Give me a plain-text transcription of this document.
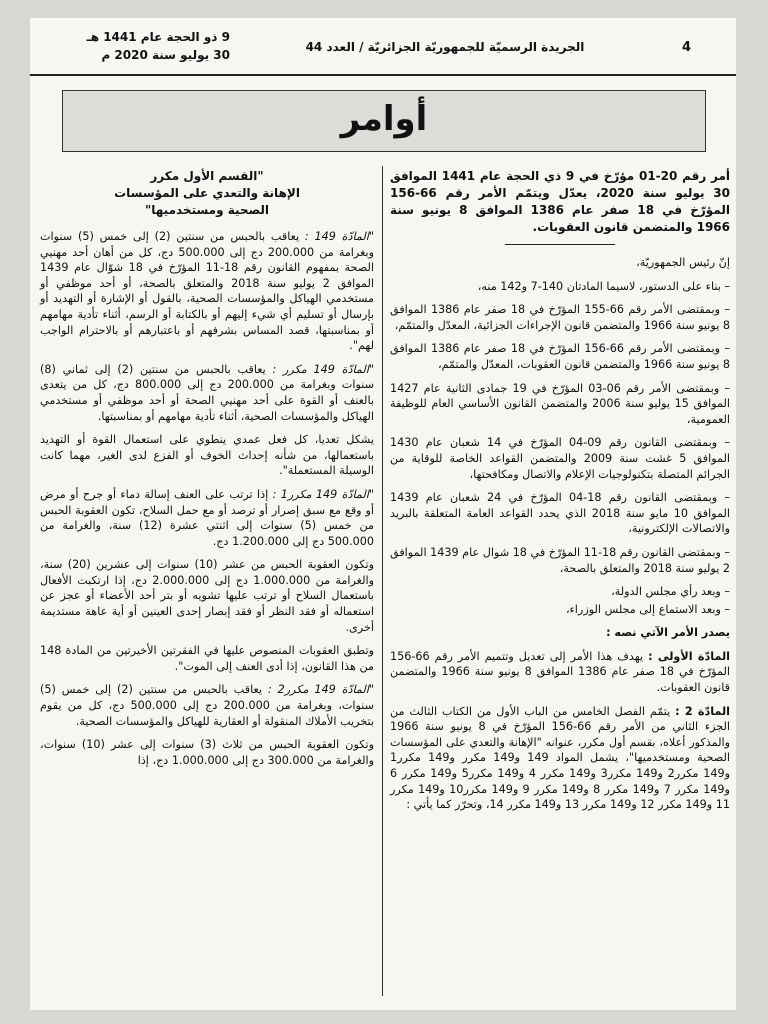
4
الجريدة الرسميّة للجمهوريّة الجزائريّة / العدد 44
9 ذو الحجة عام 1441 هـ
30 يوليو سنة 2020 م
أوامر

أمر رقم 20-01 مؤرّخ في 9 ذي الحجة عام 1441 الموافق 30 يوليو سنة 2020، يعدّل ويتمّم الأمر رقم 66-156 المؤرّخ في 18 صفر عام 1386 الموافق 8 يونيو سنة 1966 والمتضمن قانون العقوبات.

إنّ رئيس الجمهوريّة،

– بناء على الدستور، لاسيما المادتان 140-7 و142 منه،

– وبمقتضى الأمر رقم 66-155 المؤرّخ في 18 صفر عام 1386 الموافق 8 يونيو سنة 1966 والمتضمن قانون الإجراءات الجزائية، المعدّل والمتمّم،

– وبمقتضى الأمر رقم 66-156 المؤرّخ في 18 صفر عام 1386 الموافق 8 يونيو سنة 1966 والمتضمن قانون العقوبات، المعدّل والمتمّم،

– وبمقتضى الأمر رقم 06-03 المؤرّخ في 19 جمادى الثانية عام 1427 الموافق 15 يوليو سنة 2006 والمتضمن القانون الأساسي العام للوظيفة العمومية،

– وبمقتضى القانون رقم 09-04 المؤرّخ في 14 شعبان عام 1430 الموافق 5 غشت سنة 2009 والمتضمن القواعد الخاصة للوقاية من الجرائم المتصلة بتكنولوجيات الإعلام والاتصال ومكافحتها،

– وبمقتضى القانون رقم 18-04 المؤرّخ في 24 شعبان عام 1439 الموافق 10 مايو سنة 2018 الذي يحدد القواعد العامة المتعلقة بالبريد والاتصالات الإلكترونية،

– وبمقتضى القانون رقم 18-11 المؤرّخ في 18 شوال عام 1439 الموافق 2 يوليو سنة 2018 والمتعلق بالصحة،

– وبعد رأي مجلس الدولة،

– وبعد الاستماع إلى مجلس الوزراء،

يصدر الأمر الآتي نصه :

المادّة الأولى : يهدف هذا الأمر إلى تعديل وتتميم الأمر رقم 66-156 المؤرّخ في 18 صفر عام 1386 الموافق 8 يونيو سنة 1966 والمتضمن قانون العقوبات.

المادّة 2 : يتمّم الفصل الخامس من الباب الأول من الكتاب الثالث من الجزء الثاني من الأمر رقم 66-156 المؤرّخ في 8 يونيو سنة 1966 والمذكور أعلاه، بقسم أول مكرر، عنوانه "الإهانة والتعدي على المؤسسات الصحية ومستخدميها"، يشمل المواد 149 و149 مكرر و149 مكرر1 و149 مكرر2 و149 مكرر3 و149 مكرر 4 و149 مكرر5 و149 مكرر 6 و149 مكرر 7 و149 مكرر 8 و149 مكرر 9 و149 مكرر10 و149 مكرر 11 و149 مكرر 12 و149 مكرر 13 و149 مكرر 14، وتحرّر كما يأتي :

"القسم الأول مكرر
الإهانة والتعدي على المؤسسات
الصحية ومستخدميها"

"المادّة 149 : يعاقب بالحبس من سنتين (2) إلى خمس (5) سنوات وبغرامة من 200.000 دج إلى 500.000 دج، كل من أهان أحد مهنيي الصحة بمفهوم القانون رقم 18-11 المؤرّخ في 18 شوّال عام 1439 الموافق 2 يوليو سنة 2018 والمتعلق بالصحة، أو أحد موظفي أو مستخدمي الهياكل والمؤسسات الصحية، بالقول أو الإشارة أو التهديد أو بإرسال أو تسليم أي شيء إليهم أو بالكتابة أو الرسم، أثناء تأدية مهامهم أو بمناسبتها، قصد المساس بشرفهم أو باعتبارهم أو بالاحترام الواجب لهم".

"المادّة 149 مكرر : يعاقب بالحبس من سنتين (2) إلى ثماني (8) سنوات وبغرامة من 200.000 دج إلى 800.000 دج، كل من يتعدى بالعنف أو القوة على أحد مهنيي الصحة أو أحد موظفي أو مستخدمي الهياكل والمؤسسات الصحية، أثناء تأدية مهامهم أو بمناسبتها.

يشكل تعديا، كل فعل عمدي ينطوي على استعمال القوة أو التهديد باستعمالها، من شأنه إحداث الخوف أو الفزع لدى الغير، مهما كانت الوسيلة المستعملة".

"المادّة 149 مكرر1 : إذا ترتب على العنف إسالة دماء أو جرح أو مرض أو وقع مع سبق إصرار أو ترصد أو مع حمل السلاح، تكون العقوبة الحبس من خمس (5) سنوات إلى اثنتي عشرة (12) سنة، والغرامة من 500.000 دج إلى 1.200.000 دج.

وتكون العقوبة الحبس من عشر (10) سنوات إلى عشرين (20) سنة، والغرامة من 1.000.000 دج إلى 2.000.000 دج، إذا ارتكبت الأفعال باستعمال السلاح أو ترتب عليها تشويه أو بتر أحد الأعضاء أو عجز عن استعماله أو فقد النظر أو فقد إبصار إحدى العينين أو أية عاهة مستديمة أخرى.

وتطبق العقوبات المنصوص عليها في الفقرتين الأخيرتين من المادة 148 من هذا القانون، إذا أدى العنف إلى الموت".

"المادّة 149 مكرر2 : يعاقب بالحبس من سنتين (2) إلى خمس (5) سنوات، وبغرامة من 200.000 دج إلى 500.000 دج، كل من يقوم بتخريب الأملاك المنقولة أو العقارية للهياكل والمؤسسات الصحية.

وتكون العقوبة الحبس من ثلاث (3) سنوات إلى عشر (10) سنوات، والغرامة من 300.000 دج إلى 1.000.000 دج، إذا
